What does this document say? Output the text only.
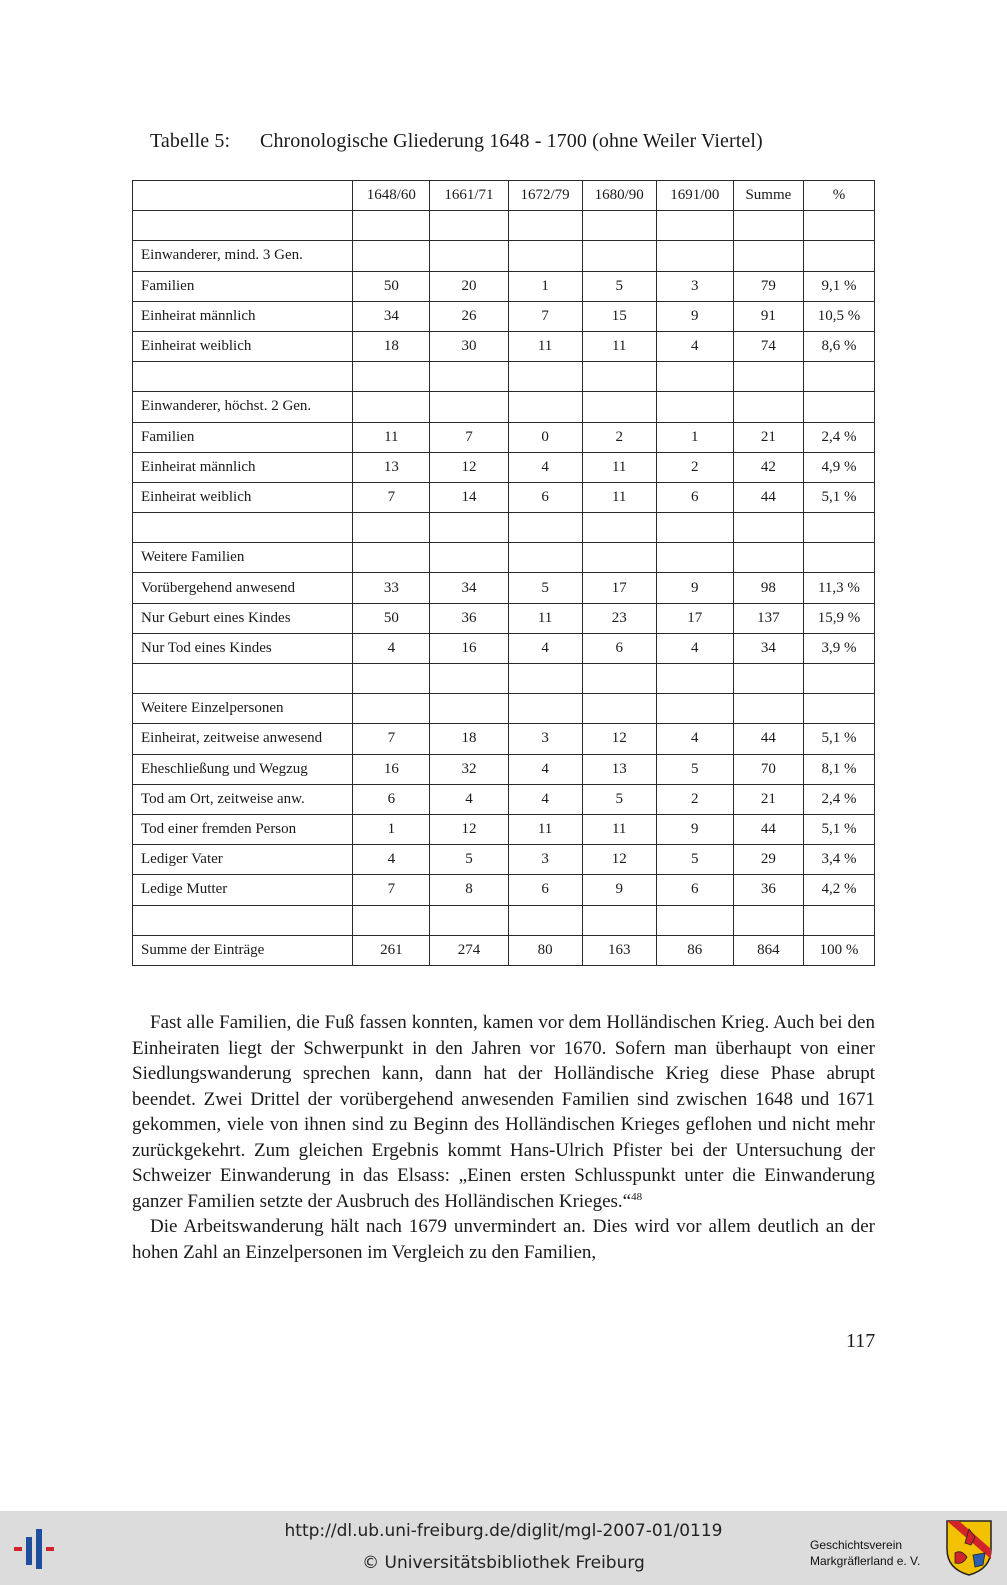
Tabelle 5: Chronologische Gliederung 1648 - 1700 (ohne Weiler Viertel)
	1648/60	1661/71	1672/79	1680/90	1691/00	Summe	%

Einwanderer, mind. 3 Gen.							
Familien	50	20	1	5	3	79	9,1 %
Einheirat männlich	34	26	7	15	9	91	10,5 %
Einheirat weiblich	18	30	11	11	4	74	8,6 %

Einwanderer, höchst. 2 Gen.							
Familien	11	7	0	2	1	21	2,4 %
Einheirat männlich	13	12	4	11	2	42	4,9 %
Einheirat weiblich	7	14	6	11	6	44	5,1 %

Weitere Familien							
Vorübergehend anwesend	33	34	5	17	9	98	11,3 %
Nur Geburt eines Kindes	50	36	11	23	17	137	15,9 %
Nur Tod eines Kindes	4	16	4	6	4	34	3,9 %

Weitere Einzelpersonen							
Einheirat, zeitweise anwesend	7	18	3	12	4	44	5,1 %
Eheschließung und Wegzug	16	32	4	13	5	70	8,1 %
Tod am Ort, zeitweise anw.	6	4	4	5	2	21	2,4 %
Tod einer fremden Person	1	12	11	11	9	44	5,1 %
Lediger Vater	4	5	3	12	5	29	3,4 %
Ledige Mutter	7	8	6	9	6	36	4,2 %

Summe der Einträge	261	274	80	163	86	864	100 %

Fast alle Familien, die Fuß fassen konnten, kamen vor dem Holländischen Krieg. Auch bei den Einheiraten liegt der Schwerpunkt in den Jahren vor 1670. Sofern man überhaupt von einer Siedlungswanderung sprechen kann, dann hat der Holländische Krieg diese Phase abrupt beendet. Zwei Drittel der vorübergehend anwesenden Familien sind zwischen 1648 und 1671 gekommen, viele von ihnen sind zu Beginn des Holländischen Krieges geflohen und nicht mehr zurückgekehrt. Zum gleichen Ergebnis kommt Hans-Ulrich Pfister bei der Untersuchung der Schweizer Einwanderung in das Elsass: „Einen ersten Schlusspunkt unter die Einwanderung ganzer Familien setzte der Ausbruch des Holländischen Krieges.“$^{48}$

Die Arbeitswanderung hält nach 1679 unvermindert an. Dies wird vor allem deutlich an der hohen Zahl an Einzelpersonen im Vergleich zu den Familien,

117
http://dl.ub.uni-freiburg.de/diglit/mgl-2007-01/0119
© Universitätsbibliothek Freiburg
Geschichtsverein
Markgräflerland e. V.
